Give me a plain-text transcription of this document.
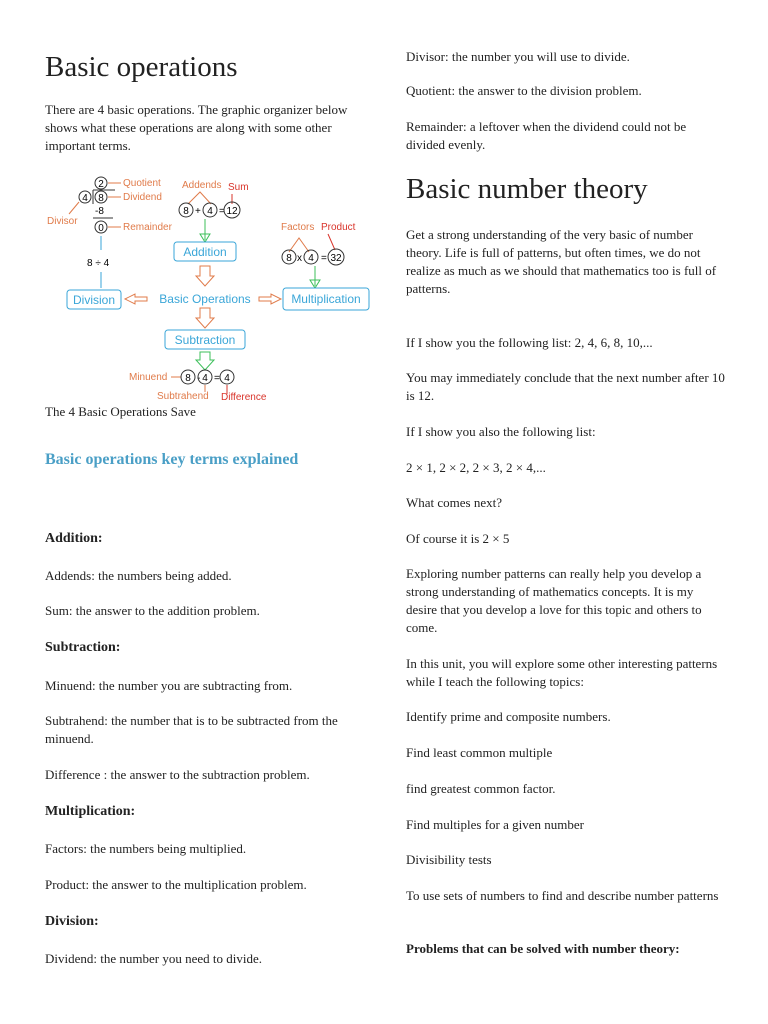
Basic operations

There are 4 basic operations. The graphic organizer below shows what these operations are along with some other important terms.

2
4 8
-8
0
Quotient
Dividend
Divisor
Remainder
8 ÷ 4
Addends Sum
8 + 4 = 12
Addition
Factors Product
8 x 4 = 32
Division	Basic Operations	Multiplication
Subtraction
Minuend 8 - 4 = 4
Subtrahend Difference

The 4 Basic Operations Save

Basic operations key terms explained
Addition:

Addends: the numbers being added.

Sum: the answer to the addition problem.

Subtraction:

Minuend: the number you are subtracting from.

Subtrahend: the number that is to be subtracted from the minuend.

Difference : the answer to the subtraction problem.

Multiplication:

Factors: the numbers being multiplied.

Product: the answer to the multiplication problem.

Division:

Dividend: the number you need to divide.

Divisor: the number you will use to divide.

Quotient: the answer to the division problem.

Remainder: a leftover when the dividend could not be divided evenly.

Basic number theory

Get a strong understanding of the very basic of number theory. Life is full of patterns, but often times, we do not realize as much as we should that mathematics too is full of patterns.

If I show you the following list: 2, 4, 6, 8, 10,...

You may immediately conclude that the next number after 10 is 12.

If I show you also the following list:

2 × 1, 2 × 2, 2 × 3, 2 × 4,...

What comes next?

Of course it is 2 × 5

Exploring number patterns can really help you develop a strong understanding of mathematics concepts. It is my desire that you develop a love for this topic and others to come.

In this unit, you will explore some other interesting patterns while I teach the following topics:

Identify prime and composite numbers.

Find least common multiple

find greatest common factor.

Find multiples for a given number

Divisibility tests

To use sets of numbers to find and describe number patterns

Problems that can be solved with number theory:
